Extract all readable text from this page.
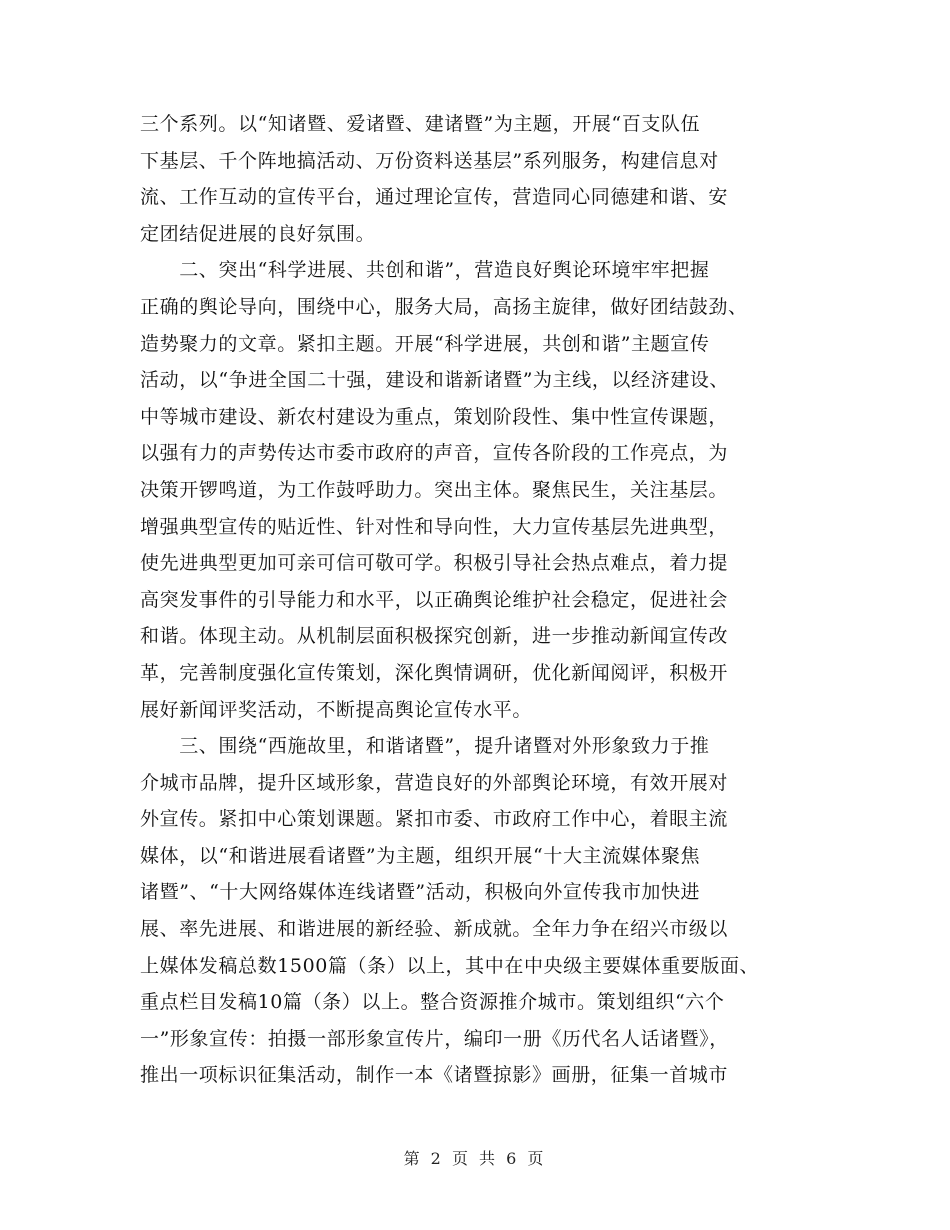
三个系列。以“知诸暨、爱诸暨、建诸暨”为主题，开展“百支队伍
下基层、千个阵地搞活动、万份资料送基层”系列服务，构建信息对
流、工作互动的宣传平台，通过理论宣传，营造同心同德建和谐、安
定团结促进展的良好氛围。
　　二、突出“科学进展、共创和谐”，营造良好舆论环境牢牢把握
正确的舆论导向，围绕中心，服务大局，高扬主旋律，做好团结鼓劲、
造势聚力的文章。紧扣主题。开展“科学进展，共创和谐”主题宣传
活动，以“争进全国二十强，建设和谐新诸暨”为主线，以经济建设、
中等城市建设、新农村建设为重点，策划阶段性、集中性宣传课题，
以强有力的声势传达市委市政府的声音，宣传各阶段的工作亮点，为
决策开锣鸣道，为工作鼓呼助力。突出主体。聚焦民生，关注基层。
增强典型宣传的贴近性、针对性和导向性，大力宣传基层先进典型，
使先进典型更加可亲可信可敬可学。积极引导社会热点难点，着力提
高突发事件的引导能力和水平，以正确舆论维护社会稳定，促进社会
和谐。体现主动。从机制层面积极探究创新，进一步推动新闻宣传改
革，完善制度强化宣传策划，深化舆情调研，优化新闻阅评，积极开
展好新闻评奖活动，不断提高舆论宣传水平。
　　三、围绕“西施故里，和谐诸暨”，提升诸暨对外形象致力于推
介城市品牌，提升区域形象，营造良好的外部舆论环境，有效开展对
外宣传。紧扣中心策划课题。紧扣市委、市政府工作中心，着眼主流
媒体，以“和谐进展看诸暨”为主题，组织开展“十大主流媒体聚焦
诸暨”、“十大网络媒体连线诸暨”活动，积极向外宣传我市加快进
展、率先进展、和谐进展的新经验、新成就。全年力争在绍兴市级以
上媒体发稿总数1500篇（条）以上，其中在中央级主要媒体重要版面、
重点栏目发稿10篇（条）以上。整合资源推介城市。策划组织“六个
一”形象宣传：拍摄一部形象宣传片，编印一册《历代名人话诸暨》，
推出一项标识征集活动，制作一本《诸暨掠影》画册，征集一首城市
第 2 页 共 6 页
